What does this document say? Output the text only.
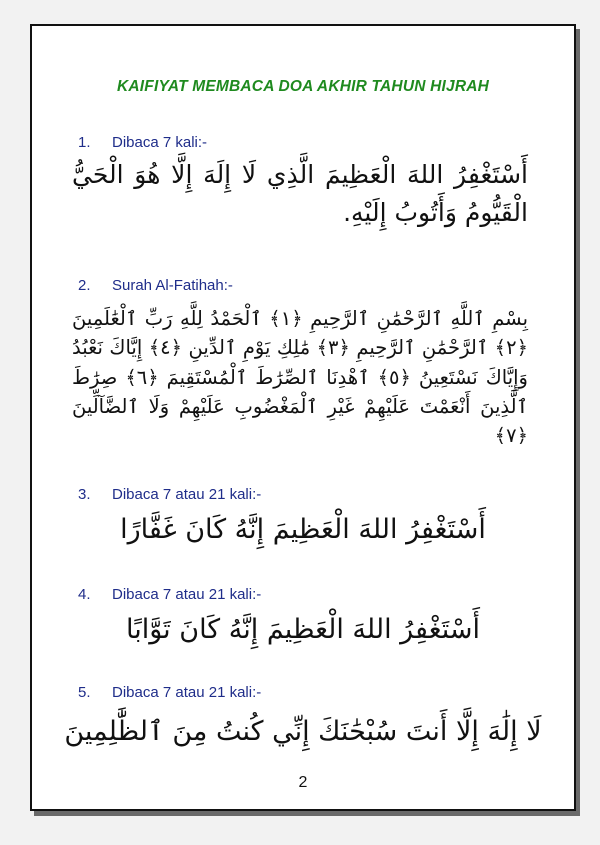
KAIFIYAT MEMBACA DOA AKHIR TAHUN HIJRAH
1. Dibaca 7 kali:-
أَسْتَغْفِرُ اللهَ الْعَظِيمَ الَّذِي لَا إِلَهَ إِلَّا هُوَ الْحَيُّ الْقَيُّومُ وَأَتُوبُ إِلَيْهِ.
2. Surah Al-Fatihah:-
بِسْمِ ٱللَّهِ ٱلرَّحْمَٰنِ ٱلرَّحِيمِ ﴿١﴾ ٱلْحَمْدُ لِلَّهِ رَبِّ ٱلْعَٰلَمِينَ ﴿٢﴾ ٱلرَّحْمَٰنِ ٱلرَّحِيمِ ﴿٣﴾ مَٰلِكِ يَوْمِ ٱلدِّينِ ﴿٤﴾ إِيَّاكَ نَعْبُدُ وَإِيَّاكَ نَسْتَعِينُ ﴿٥﴾ ٱهْدِنَا ٱلصِّرَٰطَ ٱلْمُسْتَقِيمَ ﴿٦﴾ صِرَٰطَ ٱلَّذِينَ أَنْعَمْتَ عَلَيْهِمْ غَيْرِ ٱلْمَغْضُوبِ عَلَيْهِمْ وَلَا ٱلضَّآلِّينَ ﴿٧﴾
3. Dibaca 7 atau 21 kali:-
أَسْتَغْفِرُ اللهَ الْعَظِيمَ إِنَّهُ كَانَ غَفَّارًا
4. Dibaca 7 atau 21 kali:-
أَسْتَغْفِرُ اللهَ الْعَظِيمَ إِنَّهُ كَانَ تَوَّابًا
5. Dibaca 7 atau 21 kali:-
لَا إِلَٰهَ إِلَّا أَنتَ سُبْحَٰنَكَ إِنِّي كُنتُ مِنَ ٱلظَّٰلِمِينَ
2
